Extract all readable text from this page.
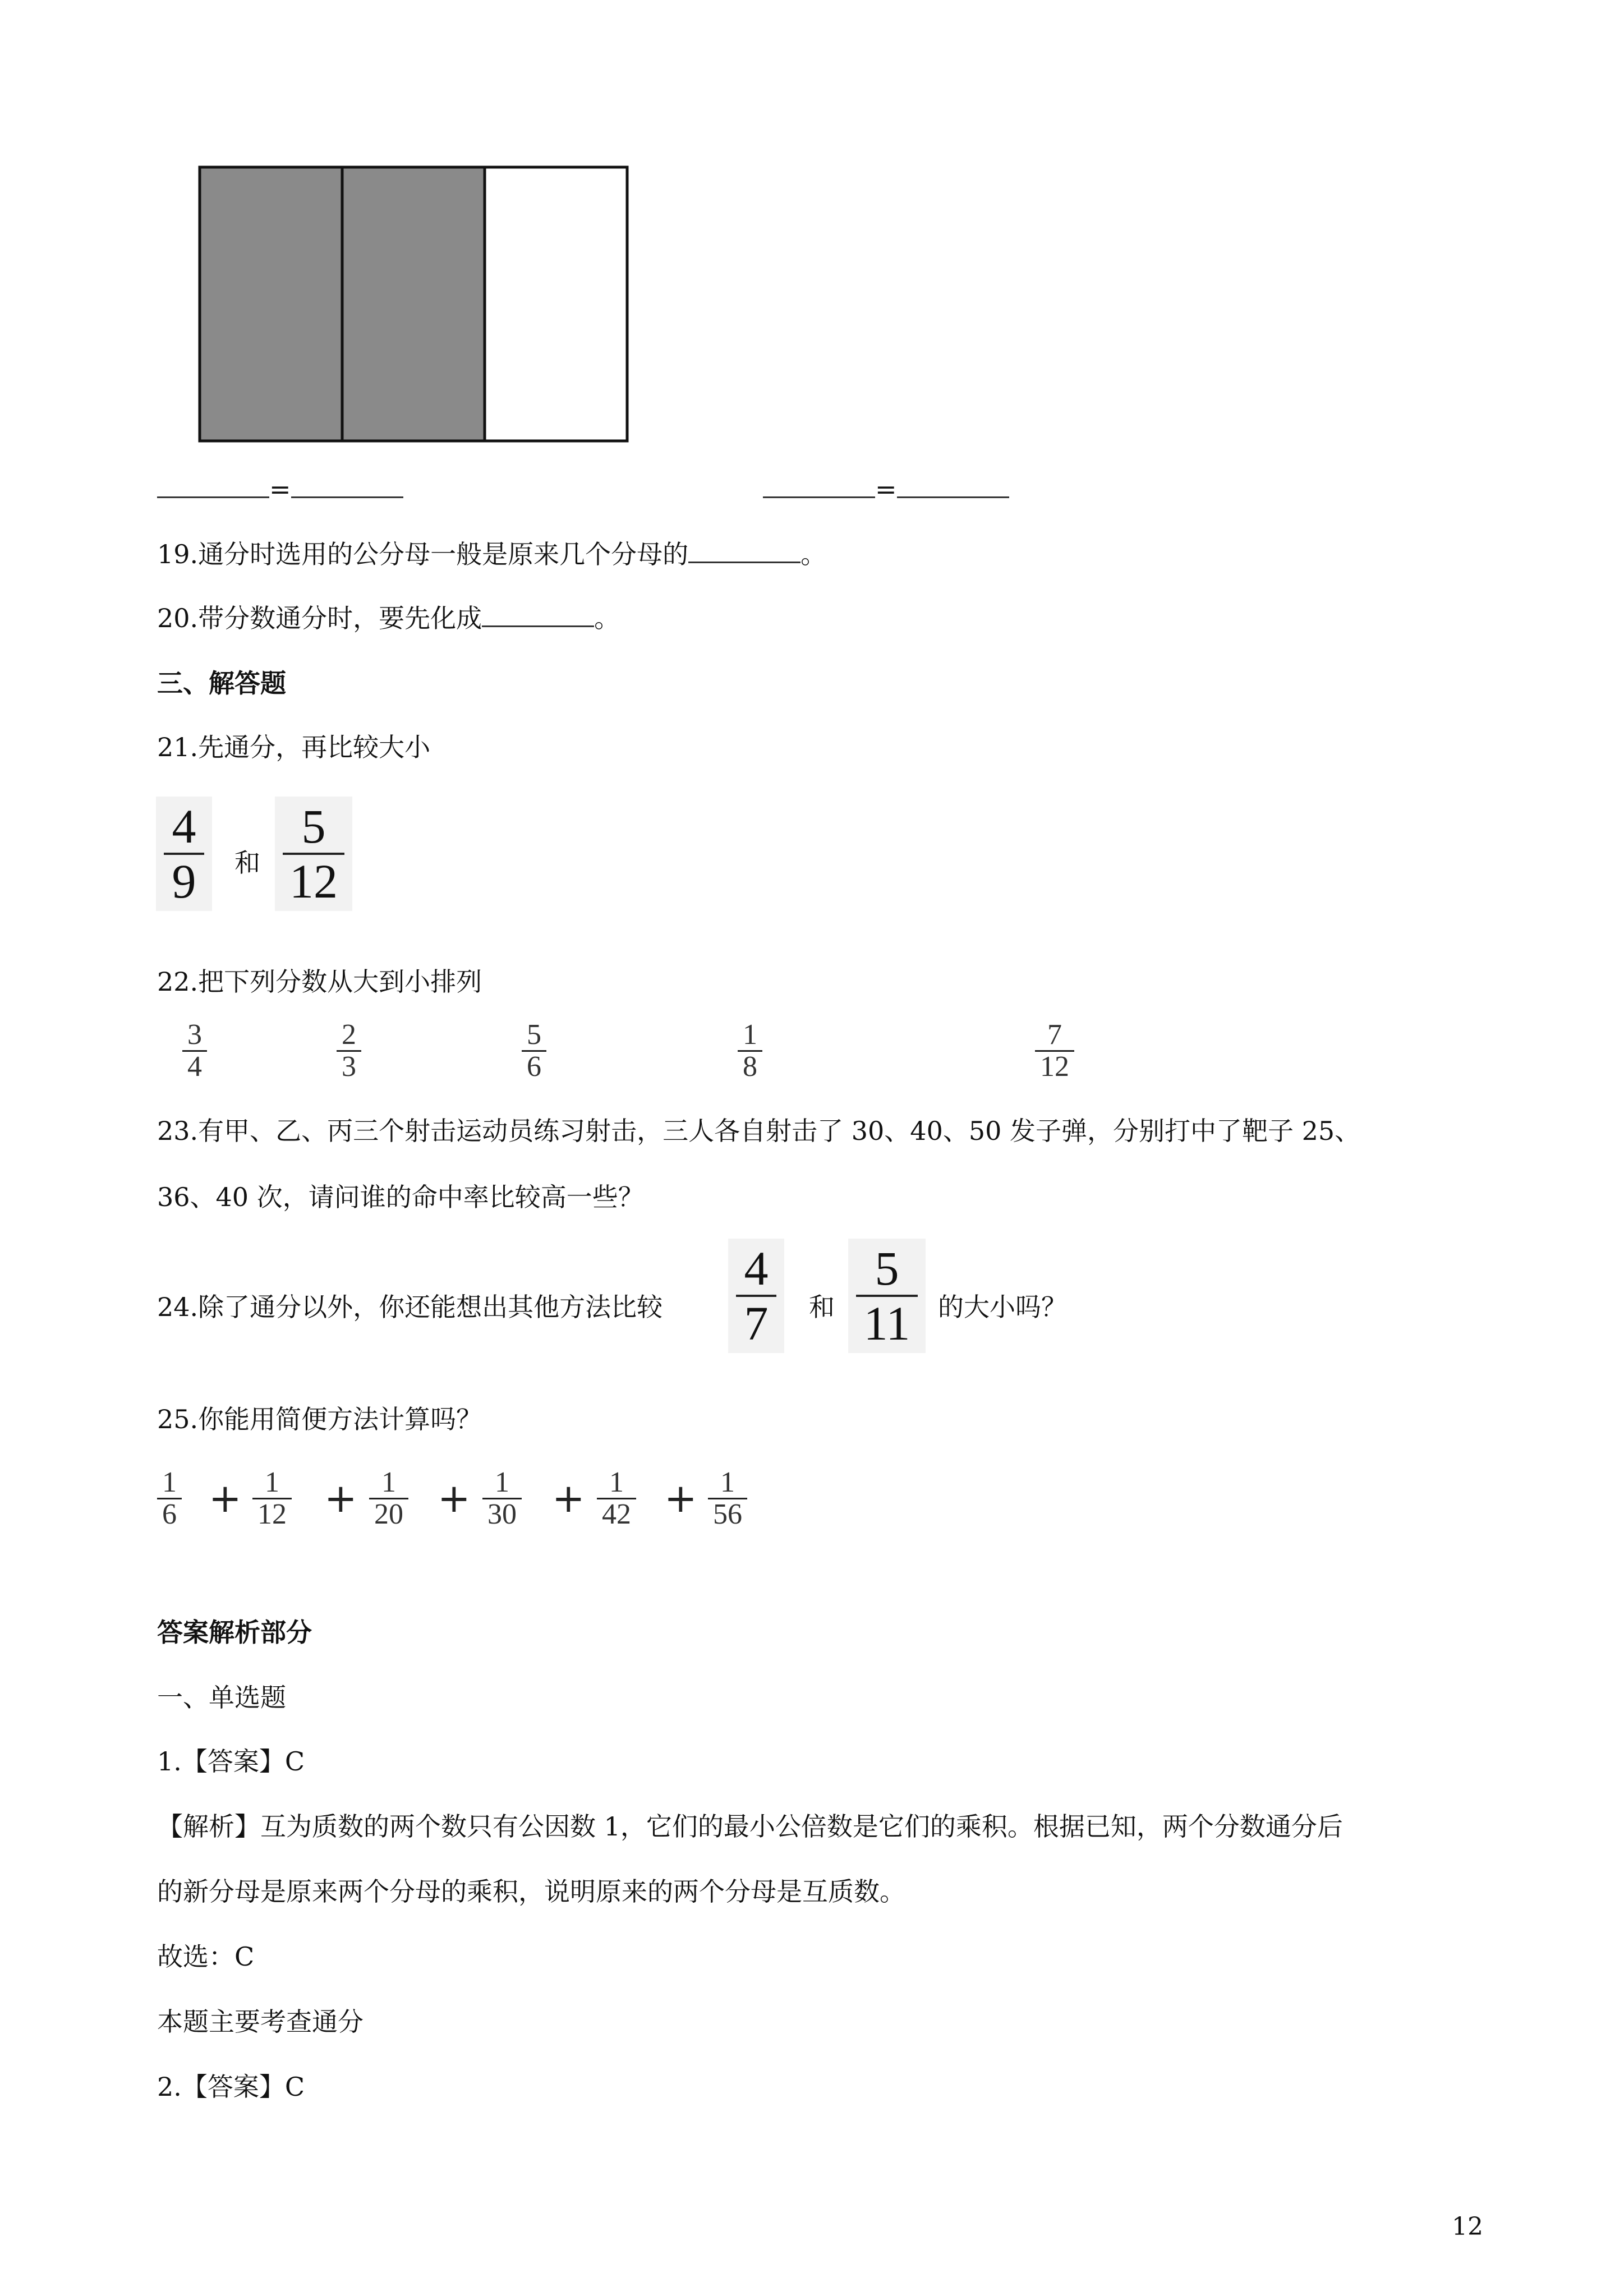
=	=
19.通分时选用的公分母一般是原来几个分母的	。
20.带分数通分时，要先化成	。
三、解答题
21.先通分，再比较大小
4
9 和
5
12
22.把下列分数从大到小排列
3
4
2
3
5
6
1
8
7
12
23.有甲、乙、丙三个射击运动员练习射击，三人各自射击了 30、40、50 发子弹，分别打中了靶子 25、
36、40 次，请问谁的命中率比较高一些？
24.除了通分以外，你还能想出其他方法比较
4
7 和
5
11 的大小吗？
25.你能用简便方法计算吗？
1
6 + 1
12 + 1
20 + 1
30 + 1
42 + 1
56
答案解析部分
一、单选题
1.【答案】C
【解析】互为质数的两个数只有公因数 1，它们的最小公倍数是它们的乘积。根据已知，两个分数通分后
的新分母是原来两个分母的乘积，说明原来的两个分母是互质数。
故选：C
本题主要考查通分
2.【答案】C
12
